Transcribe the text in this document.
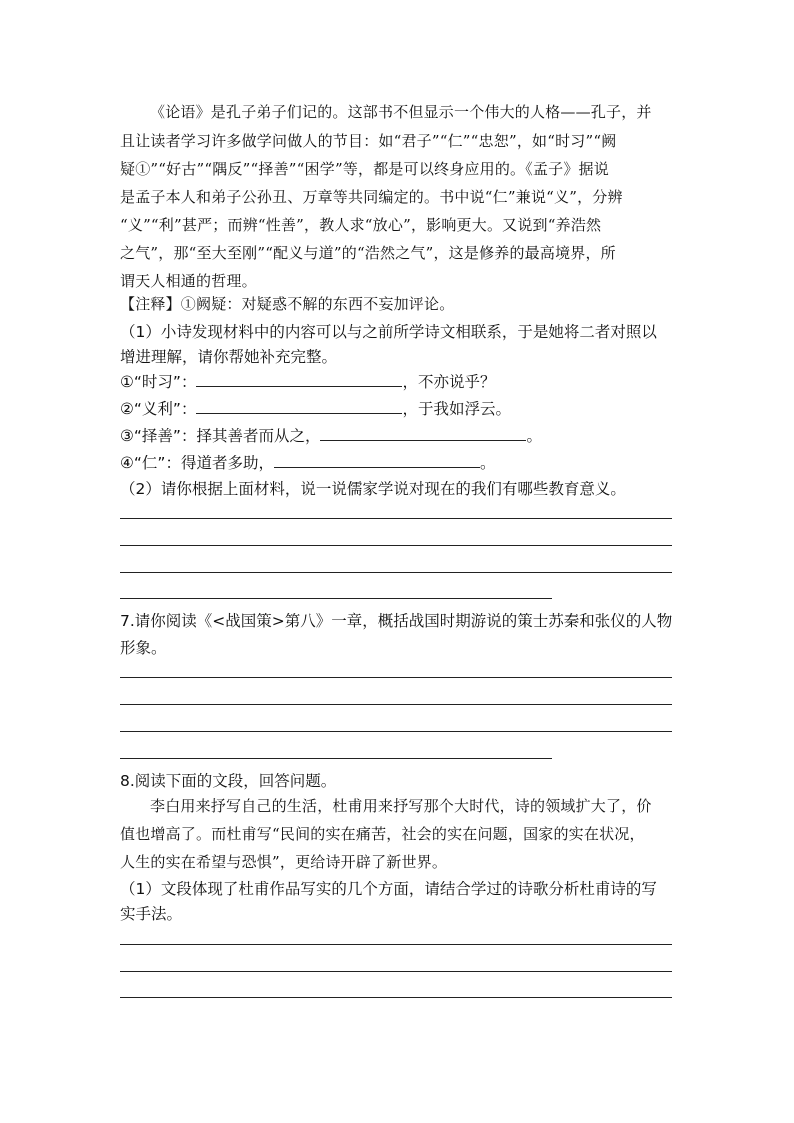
《论语》是孔子弟子们记的。这部书不但显示一个伟大的人格——孔子，并
且让读者学习许多做学问做人的节目：如“君子”“仁”“忠恕”，如“时习”“阙
疑①”“好古”“隅反”“择善”“困学”等，都是可以终身应用的。《孟子》据说
是孟子本人和弟子公孙丑、万章等共同编定的。书中说“仁”兼说“义”，分辨
“义”“利”甚严；而辨“性善”，教人求“放心”，影响更大。又说到“养浩然
之气”，那“至大至刚”“配义与道”的“浩然之气”，这是修养的最高境界，所
谓天人相通的哲理。
【注释】①阙疑：对疑惑不解的东西不妄加评论。
（1）小诗发现材料中的内容可以与之前所学诗文相联系，于是她将二者对照以
增进理解，请你帮她补充完整。
①“时习”：	，不亦说乎？
②“义利”：	，于我如浮云。
③“择善”：择其善者而从之，	。
④“仁”：得道者多助，	。
（2）请你根据上面材料，说一说儒家学说对现在的我们有哪些教育意义。
7.请你阅读《<战国策>第八》一章，概括战国时期游说的策士苏秦和张仪的人物
形象。
8.阅读下面的文段，回答问题。
李白用来抒写自己的生活，杜甫用来抒写那个大时代，诗的领域扩大了，价
值也增高了。而杜甫写“民间的实在痛苦，社会的实在问题，国家的实在状况，
人生的实在希望与恐惧”，更给诗开辟了新世界。
（1）文段体现了杜甫作品写实的几个方面，请结合学过的诗歌分析杜甫诗的写
实手法。
